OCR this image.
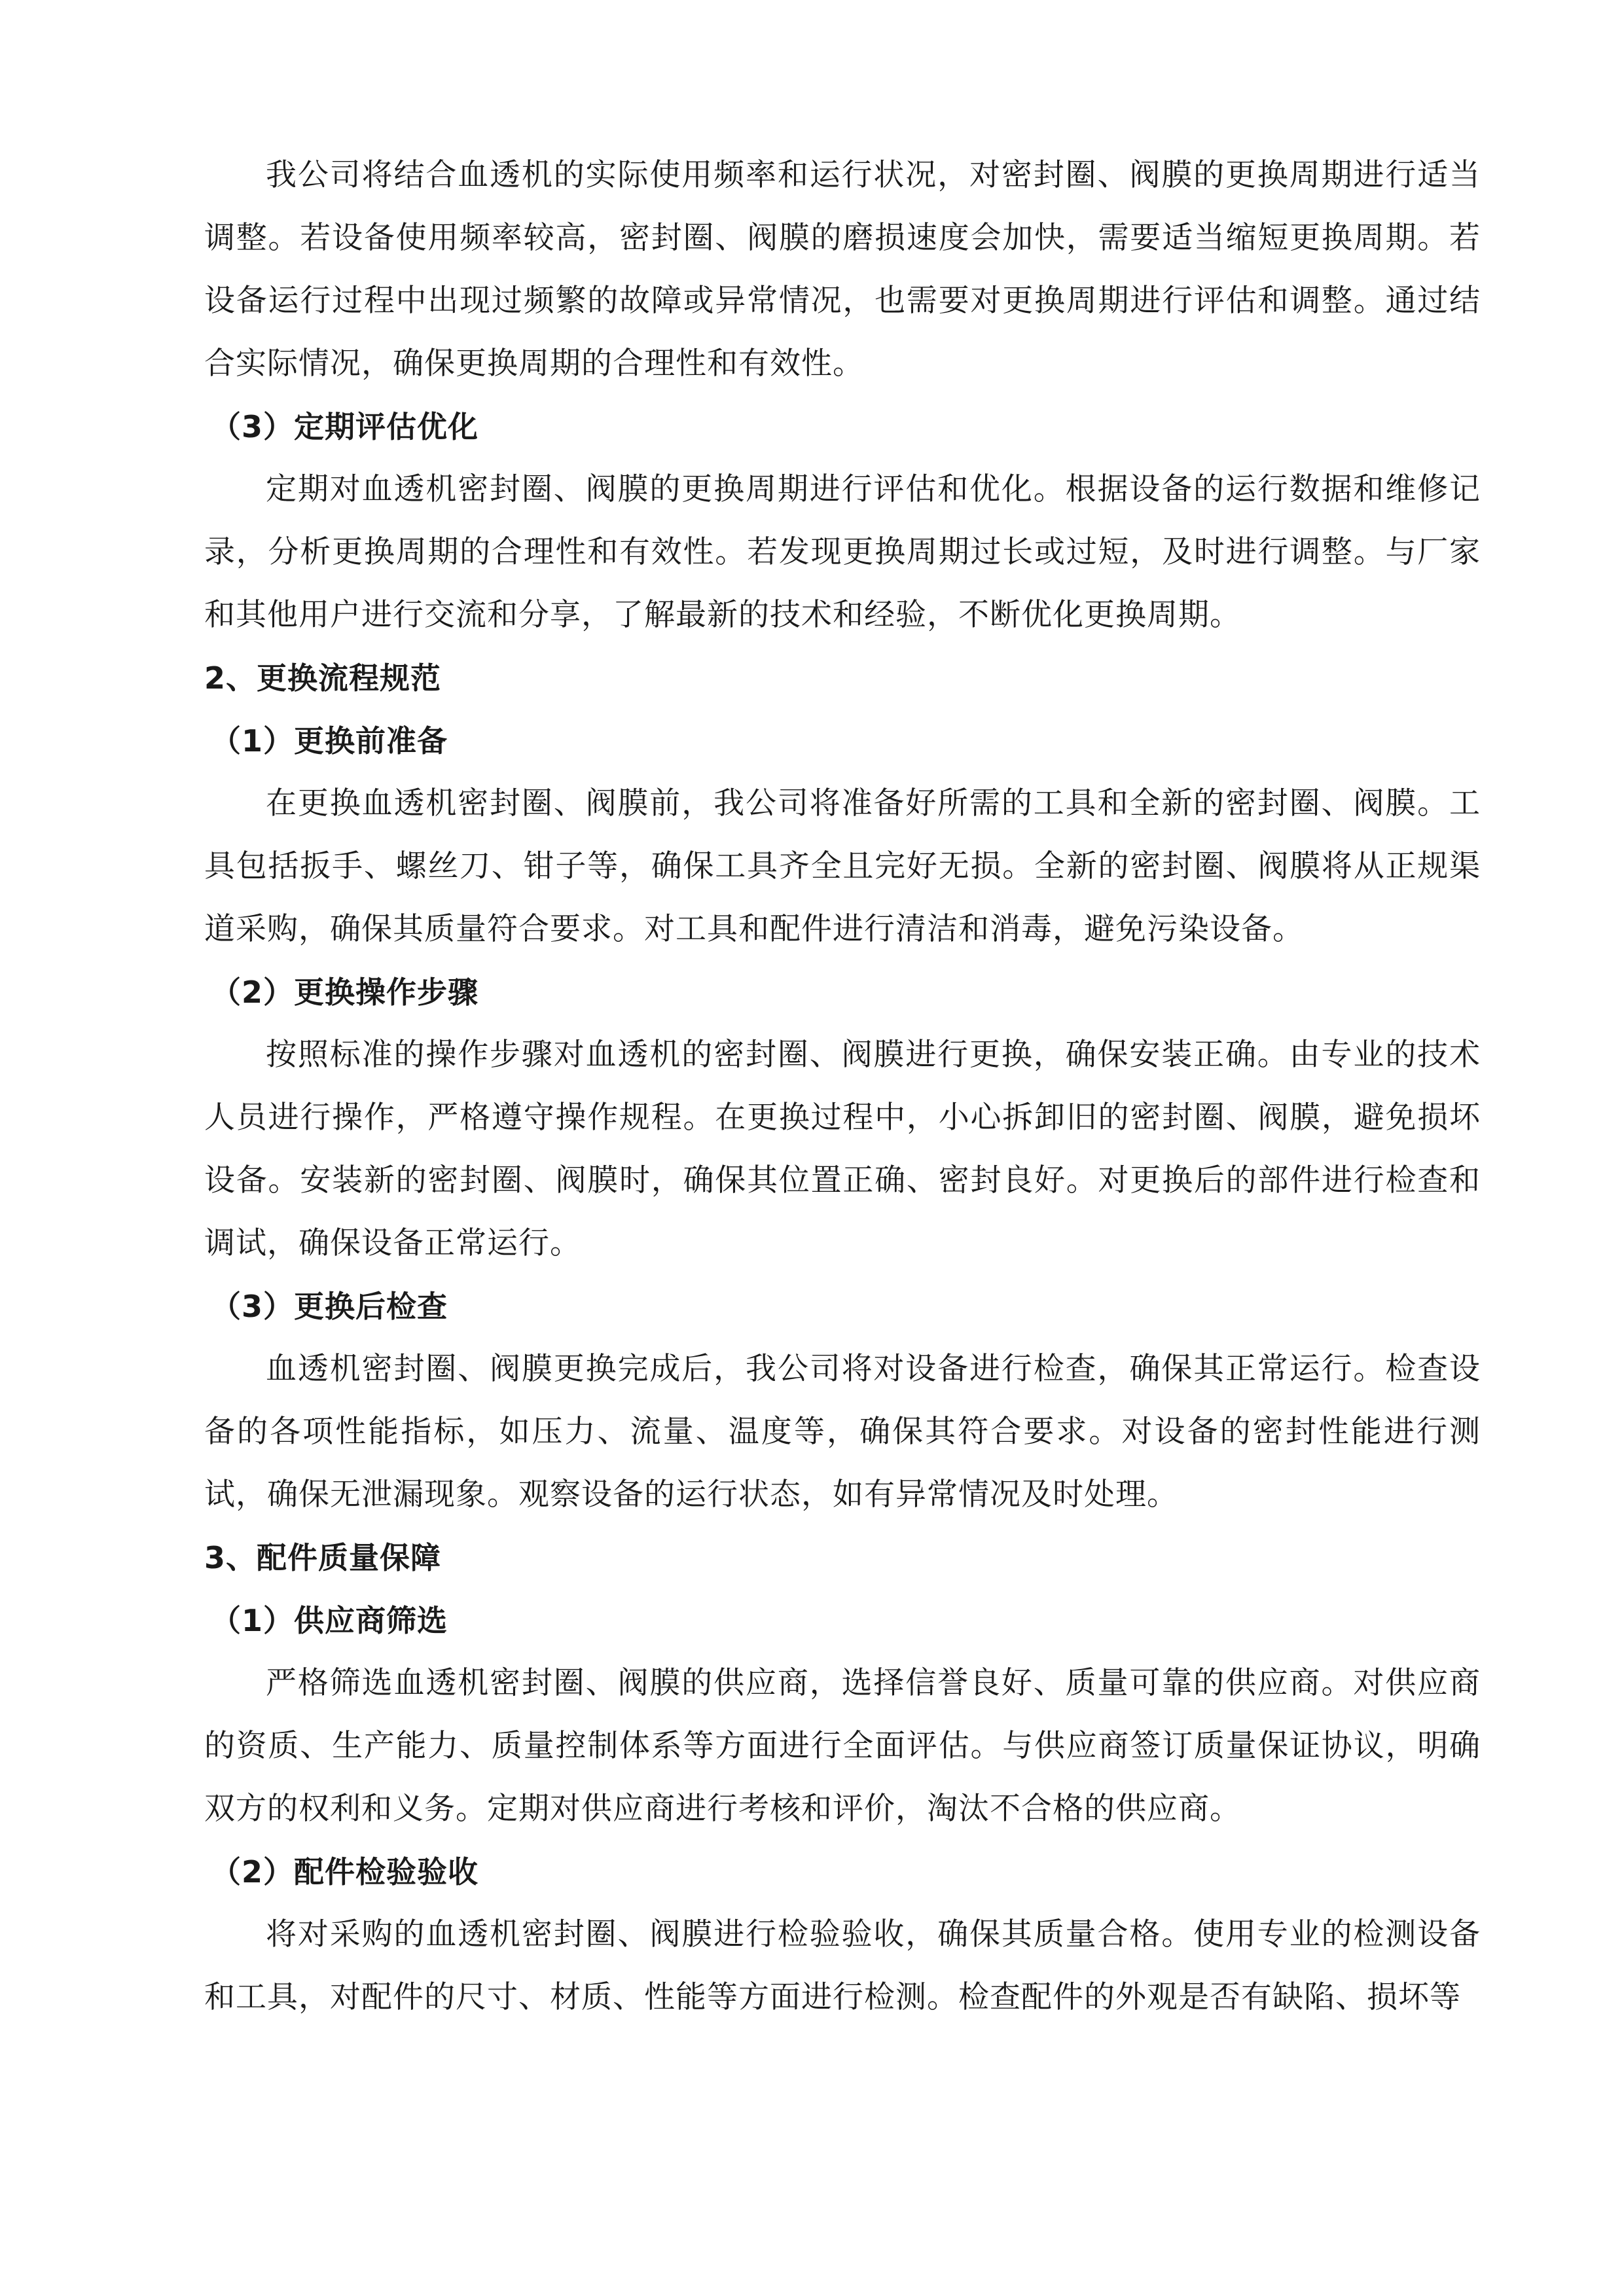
我公司将结合血透机的实际使用频率和运行状况，对密封圈、阀膜的更换周期进行适当调整。若设备使用频率较高，密封圈、阀膜的磨损速度会加快，需要适当缩短更换周期。若设备运行过程中出现过频繁的故障或异常情况，也需要对更换周期进行评估和调整。通过结合实际情况，确保更换周期的合理性和有效性。

（3）定期评估优化

定期对血透机密封圈、阀膜的更换周期进行评估和优化。根据设备的运行数据和维修记录，分析更换周期的合理性和有效性。若发现更换周期过长或过短，及时进行调整。与厂家和其他用户进行交流和分享，了解最新的技术和经验，不断优化更换周期。

2、更换流程规范

（1）更换前准备

在更换血透机密封圈、阀膜前，我公司将准备好所需的工具和全新的密封圈、阀膜。工具包括扳手、螺丝刀、钳子等，确保工具齐全且完好无损。全新的密封圈、阀膜将从正规渠道采购，确保其质量符合要求。对工具和配件进行清洁和消毒，避免污染设备。

（2）更换操作步骤

按照标准的操作步骤对血透机的密封圈、阀膜进行更换，确保安装正确。由专业的技术人员进行操作，严格遵守操作规程。在更换过程中，小心拆卸旧的密封圈、阀膜，避免损坏设备。安装新的密封圈、阀膜时，确保其位置正确、密封良好。对更换后的部件进行检查和调试，确保设备正常运行。

（3）更换后检查

血透机密封圈、阀膜更换完成后，我公司将对设备进行检查，确保其正常运行。检查设备的各项性能指标，如压力、流量、温度等，确保其符合要求。对设备的密封性能进行测试，确保无泄漏现象。观察设备的运行状态，如有异常情况及时处理。

3、配件质量保障

（1）供应商筛选

严格筛选血透机密封圈、阀膜的供应商，选择信誉良好、质量可靠的供应商。对供应商的资质、生产能力、质量控制体系等方面进行全面评估。与供应商签订质量保证协议，明确双方的权利和义务。定期对供应商进行考核和评价，淘汰不合格的供应商。

（2）配件检验验收

将对采购的血透机密封圈、阀膜进行检验验收，确保其质量合格。使用专业的检测设备和工具，对配件的尺寸、材质、性能等方面进行检测。检查配件的外观是否有缺陷、损坏等
